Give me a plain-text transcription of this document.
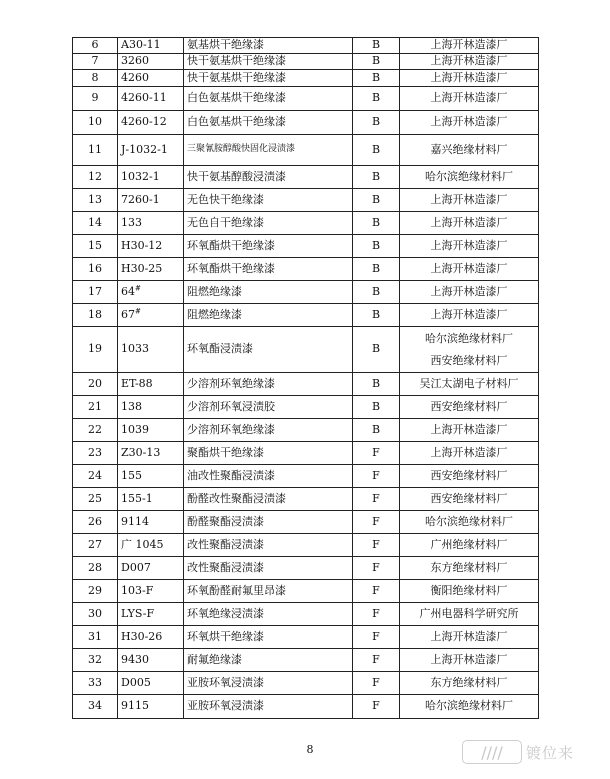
6	A30-11	氨基烘干绝缘漆	B	上海开林造漆厂
7	3260	快干氨基烘干绝缘漆	B	上海开林造漆厂
8	4260	快干氨基烘干绝缘漆	B	上海开林造漆厂
9	4260-11	白色氨基烘干绝缘漆	B	上海开林造漆厂
10	4260-12	白色氨基烘干绝缘漆	B	上海开林造漆厂
11	J-1032-1	三聚氰胺醇酸快固化浸渍漆	B	嘉兴绝缘材料厂
12	1032-1	快干氨基醇酸浸渍漆	B	哈尔滨绝缘材料厂
13	7260-1	无色快干绝缘漆	B	上海开林造漆厂
14	133	无色自干绝缘漆	B	上海开林造漆厂
15	H30-12	环氧酯烘干绝缘漆	B	上海开林造漆厂
16	H30-25	环氧酯烘干绝缘漆	B	上海开林造漆厂
17	64#	阻燃绝缘漆	B	上海开林造漆厂
18	67#	阻燃绝缘漆	B	上海开林造漆厂
19	1033	环氧酯浸渍漆	B	哈尔滨绝缘材料厂
西安绝缘材料厂

20	ET-88	少溶剂环氧绝缘漆	B	吴江太湖电子材料厂
21	138	少溶剂环氧浸渍胶	B	西安绝缘材料厂
22	1039	少溶剂环氧绝缘漆	B	上海开林造漆厂
23	Z30-13	聚酯烘干绝缘漆	F	上海开林造漆厂
24	155	油改性聚酯浸渍漆	F	西安绝缘材料厂
25	155-1	酚醛改性聚酯浸渍漆	F	西安绝缘材料厂
26	9114	酚醛聚酯浸渍漆	F	哈尔滨绝缘材料厂
27	广 1045	改性聚酯浸渍漆	F	广州绝缘材料厂
28	D007	改性聚酯浸渍漆	F	东方绝缘材料厂
29	103-F	环氧酚醛耐氟里昂漆	F	衡阳绝缘材料厂
30	LYS-F	环氧绝缘浸渍漆	F	广州电器科学研究所
31	H30-26	环氧烘干绝缘漆	F	上海开林造漆厂
32	9430	耐氟绝缘漆	F	上海开林造漆厂
33	D005	亚胺环氧浸渍漆	F	东方绝缘材料厂
34	9115	亚胺环氧浸渍漆	F	哈尔滨绝缘材料厂
8	//// 镀位来
